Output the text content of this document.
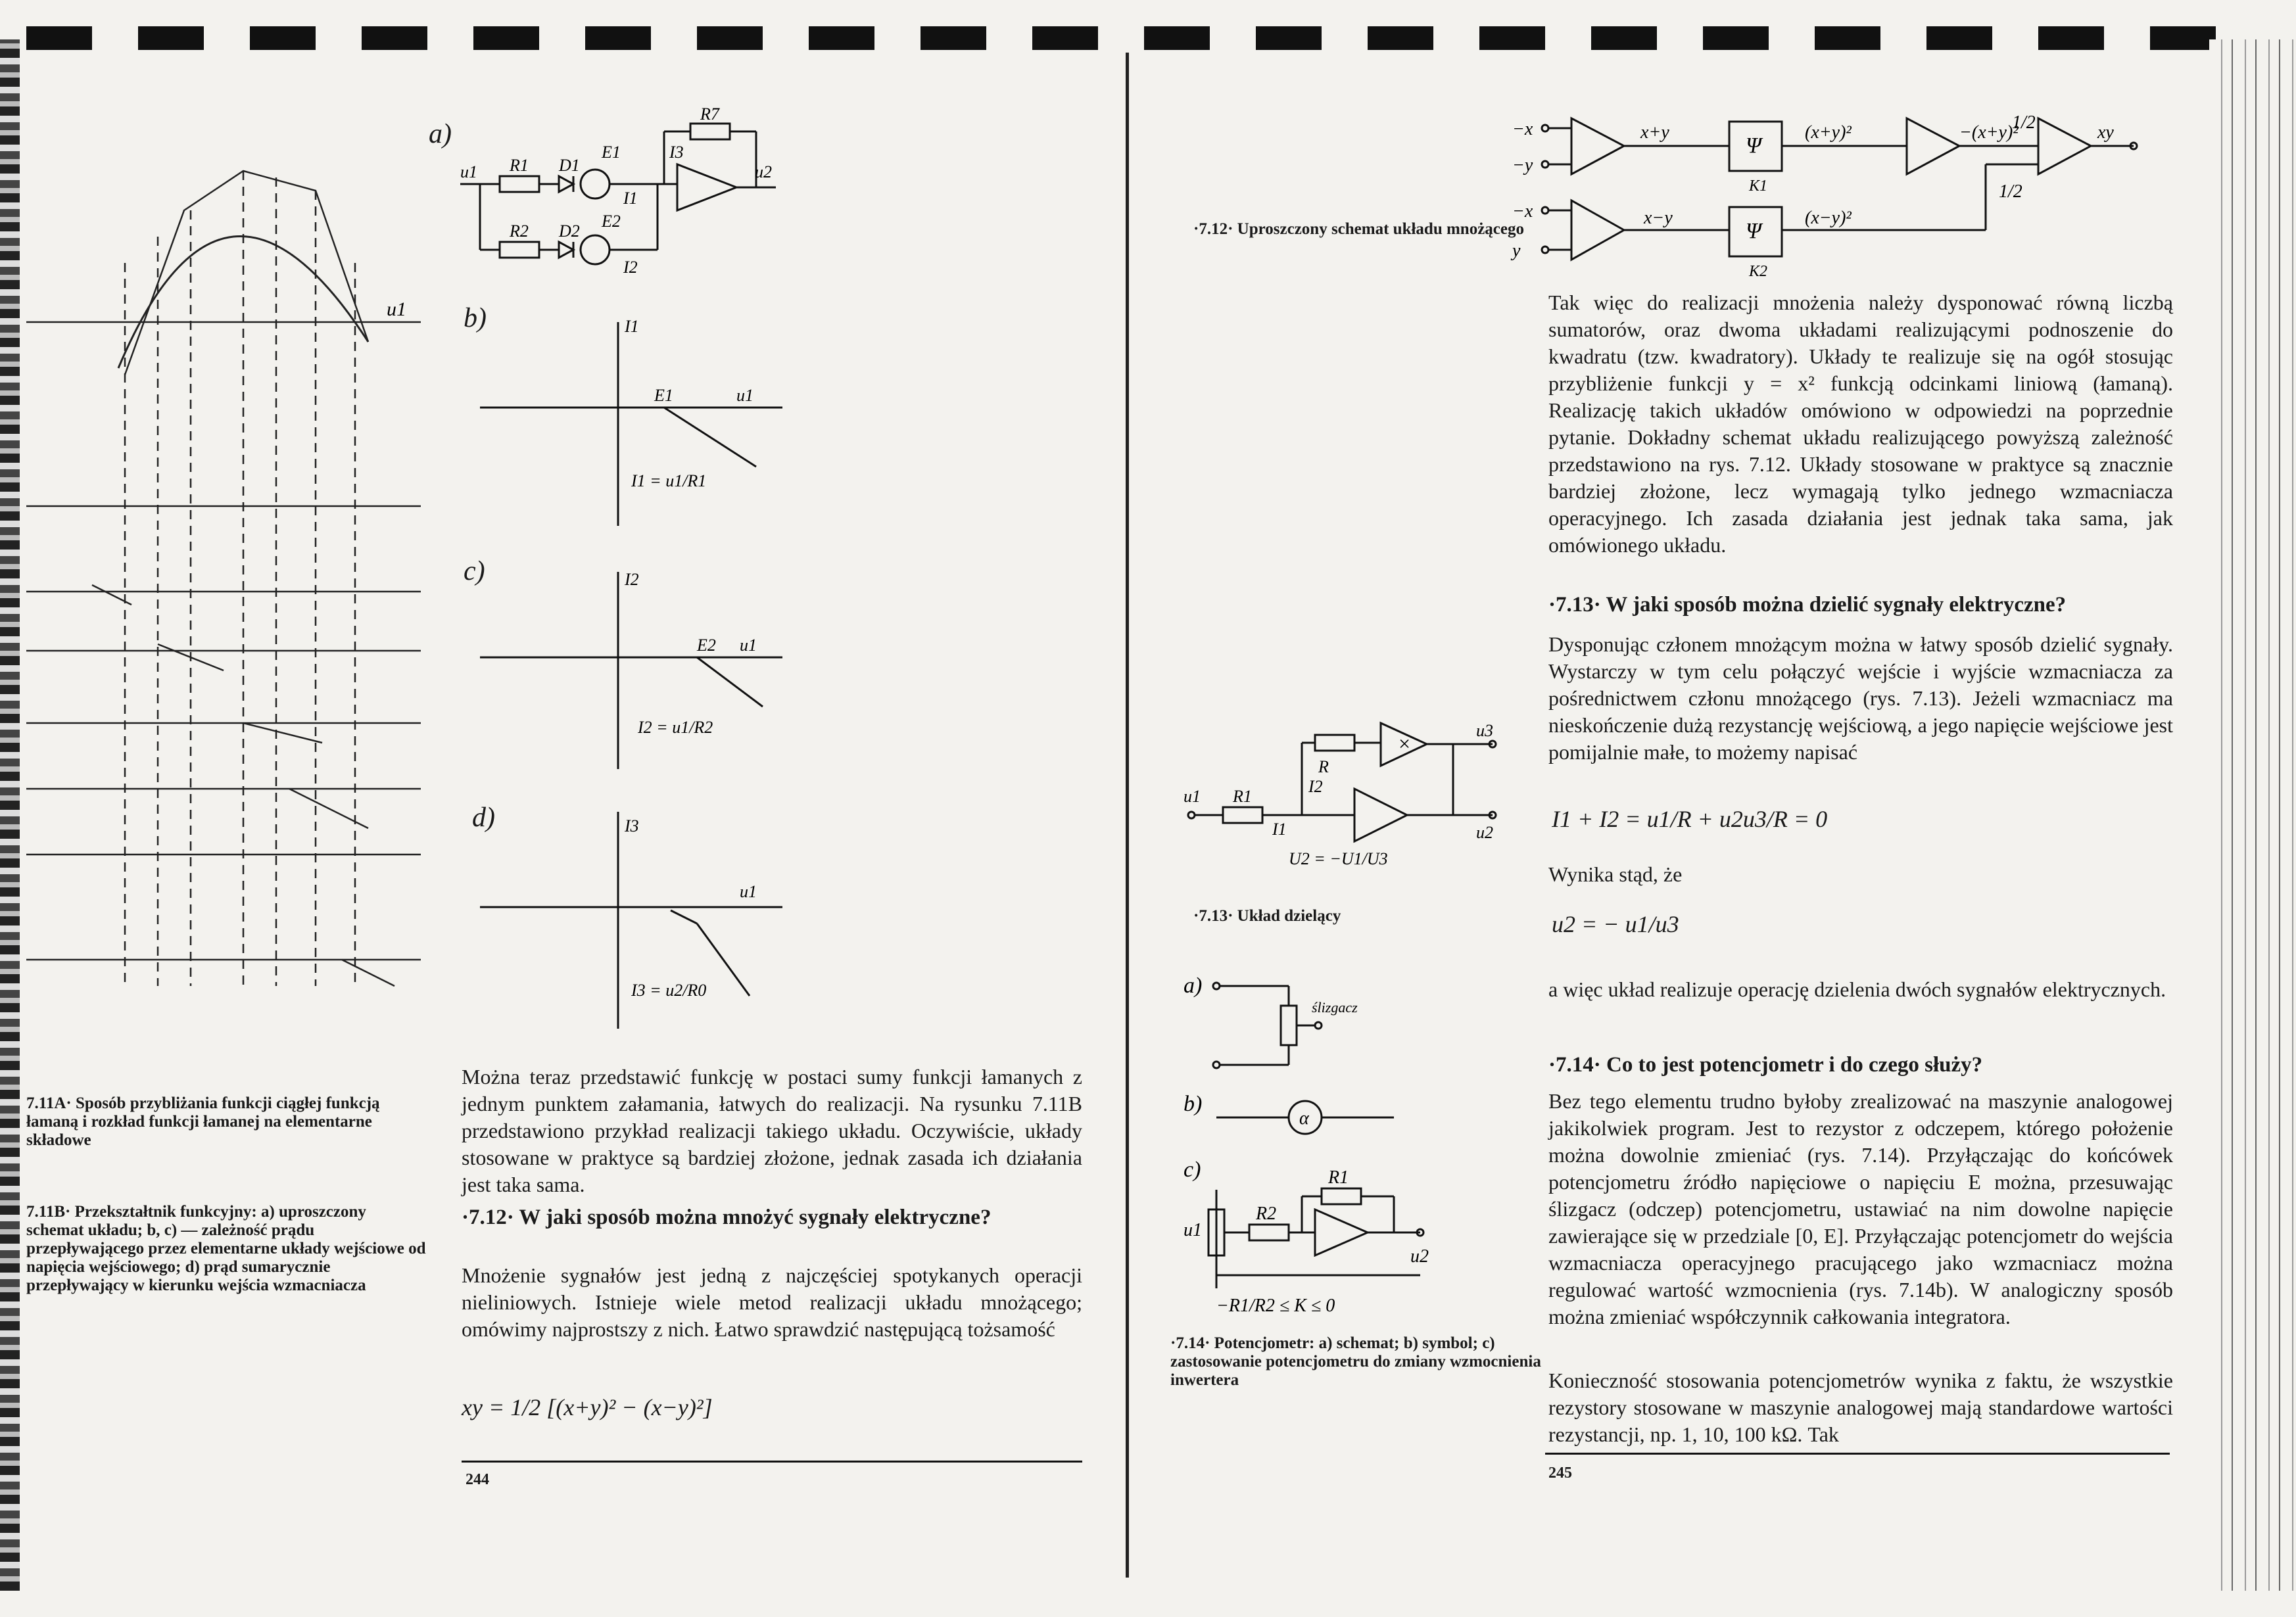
u1
u1 R1 D1
E1
R2 D2
E2
I3
R7
u2
I1
I2
a)
b)	I1
u1
E1
I1 = u1/R1
c)	I2
u1
E2
I2 = u1/R2
d)	I3
u1
I3 = u2/R0
7.11A· Sposób przybliżania funkcji ciągłej funkcją łamaną i rozkład funkcji łamanej na elementarne składowe
7.11B· Przekształtnik funkcyjny: a) uproszczony schemat układu; b, c) — zależność prądu przepływającego przez elementarne układy wejściowe od napięcia wejściowego; d) prąd sumarycznie przepływający w kierunku wejścia wzmacniacza
Można teraz przedstawić funkcję w postaci sumy funkcji łamanych z jednym punktem załamania, łatwych do realizacji. Na rysunku 7.11B przedstawiono przykład realizacji takiego układu. Oczywiście, układy stosowane w praktyce są bardziej złożone, jednak zasada ich działania jest taka sama.
·7.12· W jaki sposób można mnożyć sygnały elektryczne?
Mnożenie sygnałów jest jedną z najczęściej spotykanych operacji nieliniowych. Istnieje wiele metod realizacji układu mnożącego; omówimy najprostszy z nich. Łatwo sprawdzić następującą tożsamość
xy = 1/2 [(x+y)² − (x−y)²]
244
·7.12· Uproszczony schemat układu mnożącego
−x
−y
−x
y
x+y
Ψ
(x+y)²	−(x+y)²
1/2	xy
x−y
Ψ
(x−y)²
1/2
K1
K2
Tak więc do realizacji mnożenia należy dysponować równą liczbą sumatorów, oraz dwoma układami realizującymi podnoszenie do kwadratu (tzw. kwadratory). Układy te realizuje się na ogół stosując przybliżenie funkcji y = x² funkcją odcinkami liniową (łamaną). Realizację takich układów omówiono w odpowiedzi na poprzednie pytanie. Dokładny schemat układu realizującego powyższą zależność przedstawiono na rys. 7.12. Układy stosowane w praktyce są znacznie bardziej złożone, lecz wymagają tylko jednego wzmacniacza operacyjnego. Ich zasada działania jest jednak taka sama, jak omówionego układu.
·7.13· W jaki sposób można dzielić sygnały elektryczne?
Dysponując członem mnożącym można w łatwy sposób dzielić sygnały. Wystarczy w tym celu połączyć wejście i wyjście wzmacniacza za pośrednictwem członu mnożącego (rys. 7.13). Jeżeli wzmacniacz ma nieskończenie dużą rezystancję wejściową, a jego napięcie wejściowe jest pomijalnie małe, to możemy napisać
I1 + I2 = u1/R + u2u3/R = 0
Wynika stąd, że
u2 = − u1/u3
a więc układ realizuje operację dzielenia dwóch sygnałów elektrycznych.
·7.14· Co to jest potencjometr i do czego służy?
Bez tego elementu trudno byłoby zrealizować na maszynie analogowej jakikolwiek program. Jest to rezystor z odczepem, którego położenie można dowolnie zmieniać (rys. 7.14). Przyłączając do końcówek potencjometru źródło napięciowe o napięciu E można, przesuwając ślizgacz (odczep) potencjometru, ustawiać na nim dowolne napięcie zawierające się w przedziale [0, E]. Przyłączając potencjometr do wejścia wzmacniacza operacyjnego pracującego jako wzmacniacz można regulować wartość wzmocnienia (rys. 7.14b). W analogiczny sposób można zmieniać współczynnik całkowania integratora.
Konieczność stosowania potencjometrów wynika z faktu, że wszystkie rezystory stosowane w maszynie analogowej mają standardowe wartości rezystancji, np. 1, 10, 100 kΩ. Tak
245
R
×
u3
I2
u1 R1
I1	u2
U2 = −U1/U3
·7.13· Układ dzielący
a)
ślizgacz
b)
α
c)	R1
R2
u1
u2
−R1/R2 ≤ K ≤ 0
·7.14· Potencjometr: a) schemat; b) symbol; c) zastosowanie potencjometru do zmiany wzmocnienia inwertera
